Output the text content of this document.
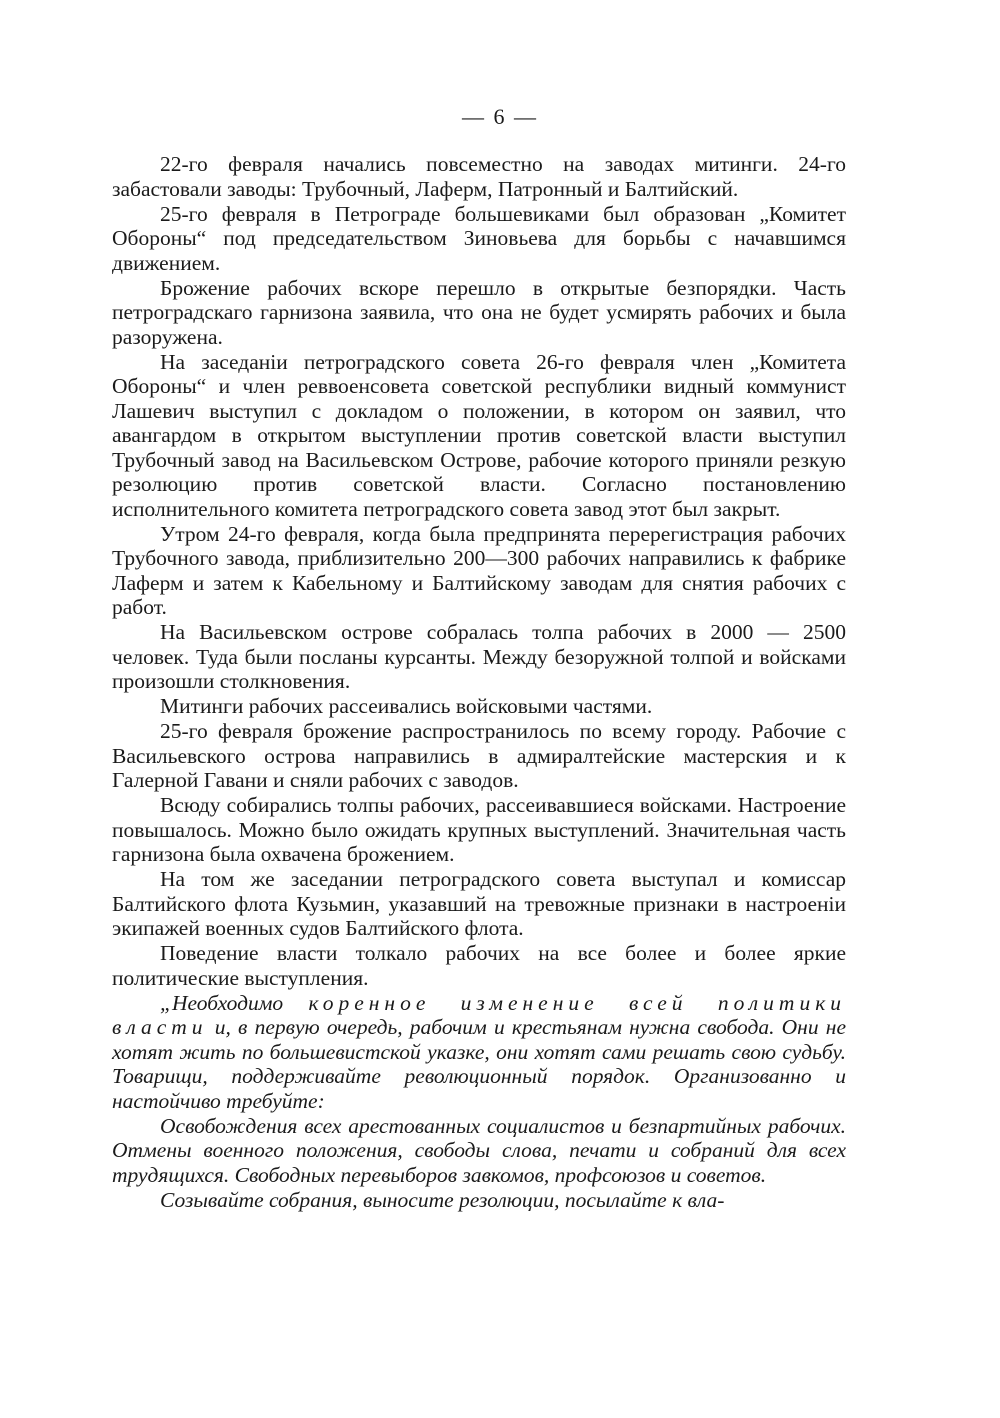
— 6 —

22-го февраля начались повсеместно на заводах митинги. 24-го забастовали заводы: Трубочный, Лаферм, Патронный и Балтийский.

25-го февраля в Петрограде большевиками был образован „Комитет Обороны“ под председательством Зиновьева для борьбы с начавшимся движением.

Брожение рабочих вскоре перешло в открытые безпорядки. Часть петроградскаго гарнизона заявила, что она не будет усмирять рабочих и была разоружена.

На заседанiи петроградского совета 26-го февраля член „Комитета Обороны“ и член реввоенсовета советской республики видный коммунист Лашевич выступил с докладом о положении, в котором он заявил, что авангардом в открытом выступлении против советской власти выступил Трубочный завод на Васильевском Острове, рабочие которого приняли резкую резолюцию против советской власти. Согласно постановлению исполнительного комитета петроградского совета завод этот был закрыт.

Утром 24-го февраля, когда была предпринята перерегистрация рабочих Трубочного завода, приблизительно 200—300 рабочих направились к фабрике Лаферм и затем к Кабельному и Балтийскому заводам для снятия рабочих с работ.

На Васильевском острове собралась толпа рабочих в 2000 — 2500 человек. Туда были посланы курсанты. Между безоружной толпой и войсками произошли столкновения.

Митинги рабочих рассеивались войсковыми частями.

25-го февраля брожение распространилось по всему городу. Рабочие с Васильевского острова направились в адмиралтейские мастерския и к Галерной Гавани и сняли рабочих с заводов.

Всюду собирались толпы рабочих, рассеивавшиеся войсками. Настроение повышалось. Можно было ожидать крупных выступлений. Значительная часть гарнизона была охвачена брожением.

На том же заседании петроградского совета выступал и комиссар Балтийского флота Кузьмин, указавший на тревожные признаки в настроенiи экипажей военных судов Балтийского флота.

Поведение власти толкало рабочих на все более и более яркие политические выступления.

„Необходимо коренное изменение всей политики власти и, в первую очередь, рабочим и крестьянам нужна свобода. Они не хотят жить по большевистской указке, они хотят сами решать свою судьбу. Товарищи, поддерживайте революционный порядок. Организованно и настойчиво требуйте:

Освобождения всех арестованных социалистов и безпартийных рабочих. Отмены военного положения, свободы слова, печати и собраний для всех трудящихся. Свободных перевыборов завкомов, профсоюзов и советов.

Созывайте собрания, выносите резолюции, посылайте к вла-
